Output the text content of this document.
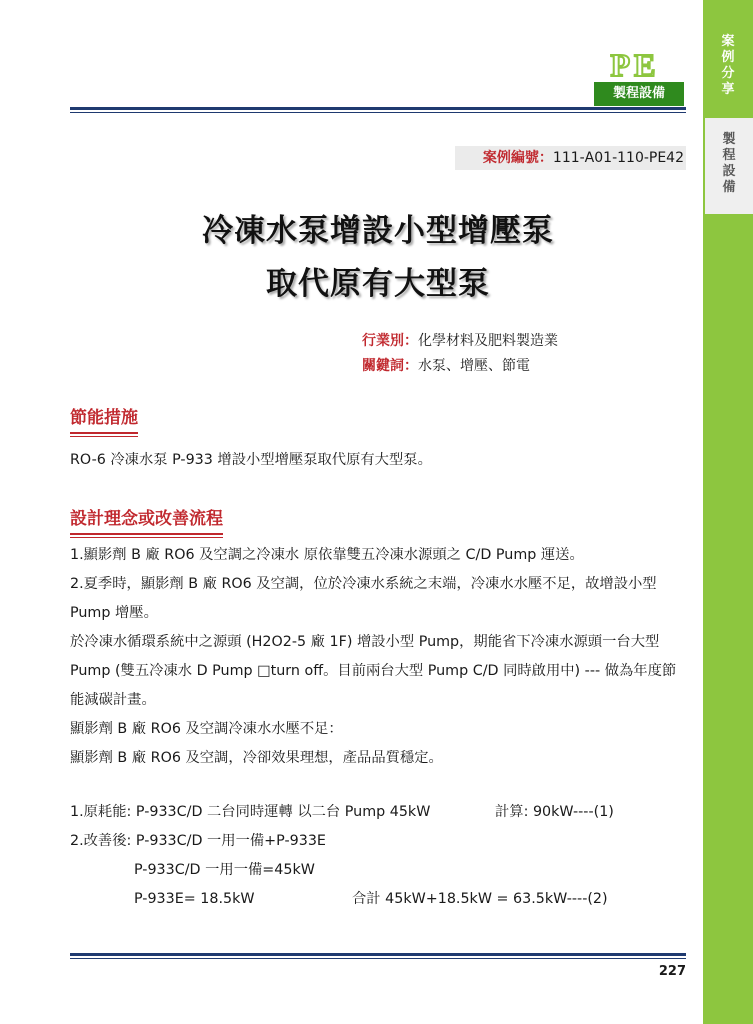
案
例
分
享
製
程
設
備
PE
製程設備
案例編號：111-A01-110-PE42
冷凍水泵增設小型增壓泵
取代原有大型泵
行業別：化學材料及肥料製造業
關鍵詞：水泵、增壓、節電
節能措施

RO-6 冷凍水泵 P-933 增設小型增壓泵取代原有大型泵。

設計理念或改善流程

1.顯影劑 B 廠 RO6 及空調之冷凍水 原依靠雙五冷凍水源頭之 C/D Pump 運送。

2.夏季時，顯影劑 B 廠 RO6 及空調，位於冷凍水系統之末端，冷凍水水壓不足，故增設小型 Pump 增壓。

於冷凍水循環系統中之源頭 (H2O2-5 廠 1F) 增設小型 Pump，期能省下冷凍水源頭一台大型 Pump (雙五冷凍水 D Pump □turn off。目前兩台大型 Pump C/D 同時啟用中) --- 做為年度節能減碳計畫。

顯影劑 B 廠 RO6 及空調冷凍水水壓不足：

顯影劑 B 廠 RO6 及空調，冷卻效果理想，產品品質穩定。

1.原耗能: P-933C/D 二台同時運轉 以二台 Pump 45kW	計算: 90kW----(1)
2.改善後: P-933C/D 一用一備+P-933E
P-933C/D 一用一備=45kW
P-933E= 18.5kW	合計 45kW+18.5kW = 63.5kW----(2)
227
